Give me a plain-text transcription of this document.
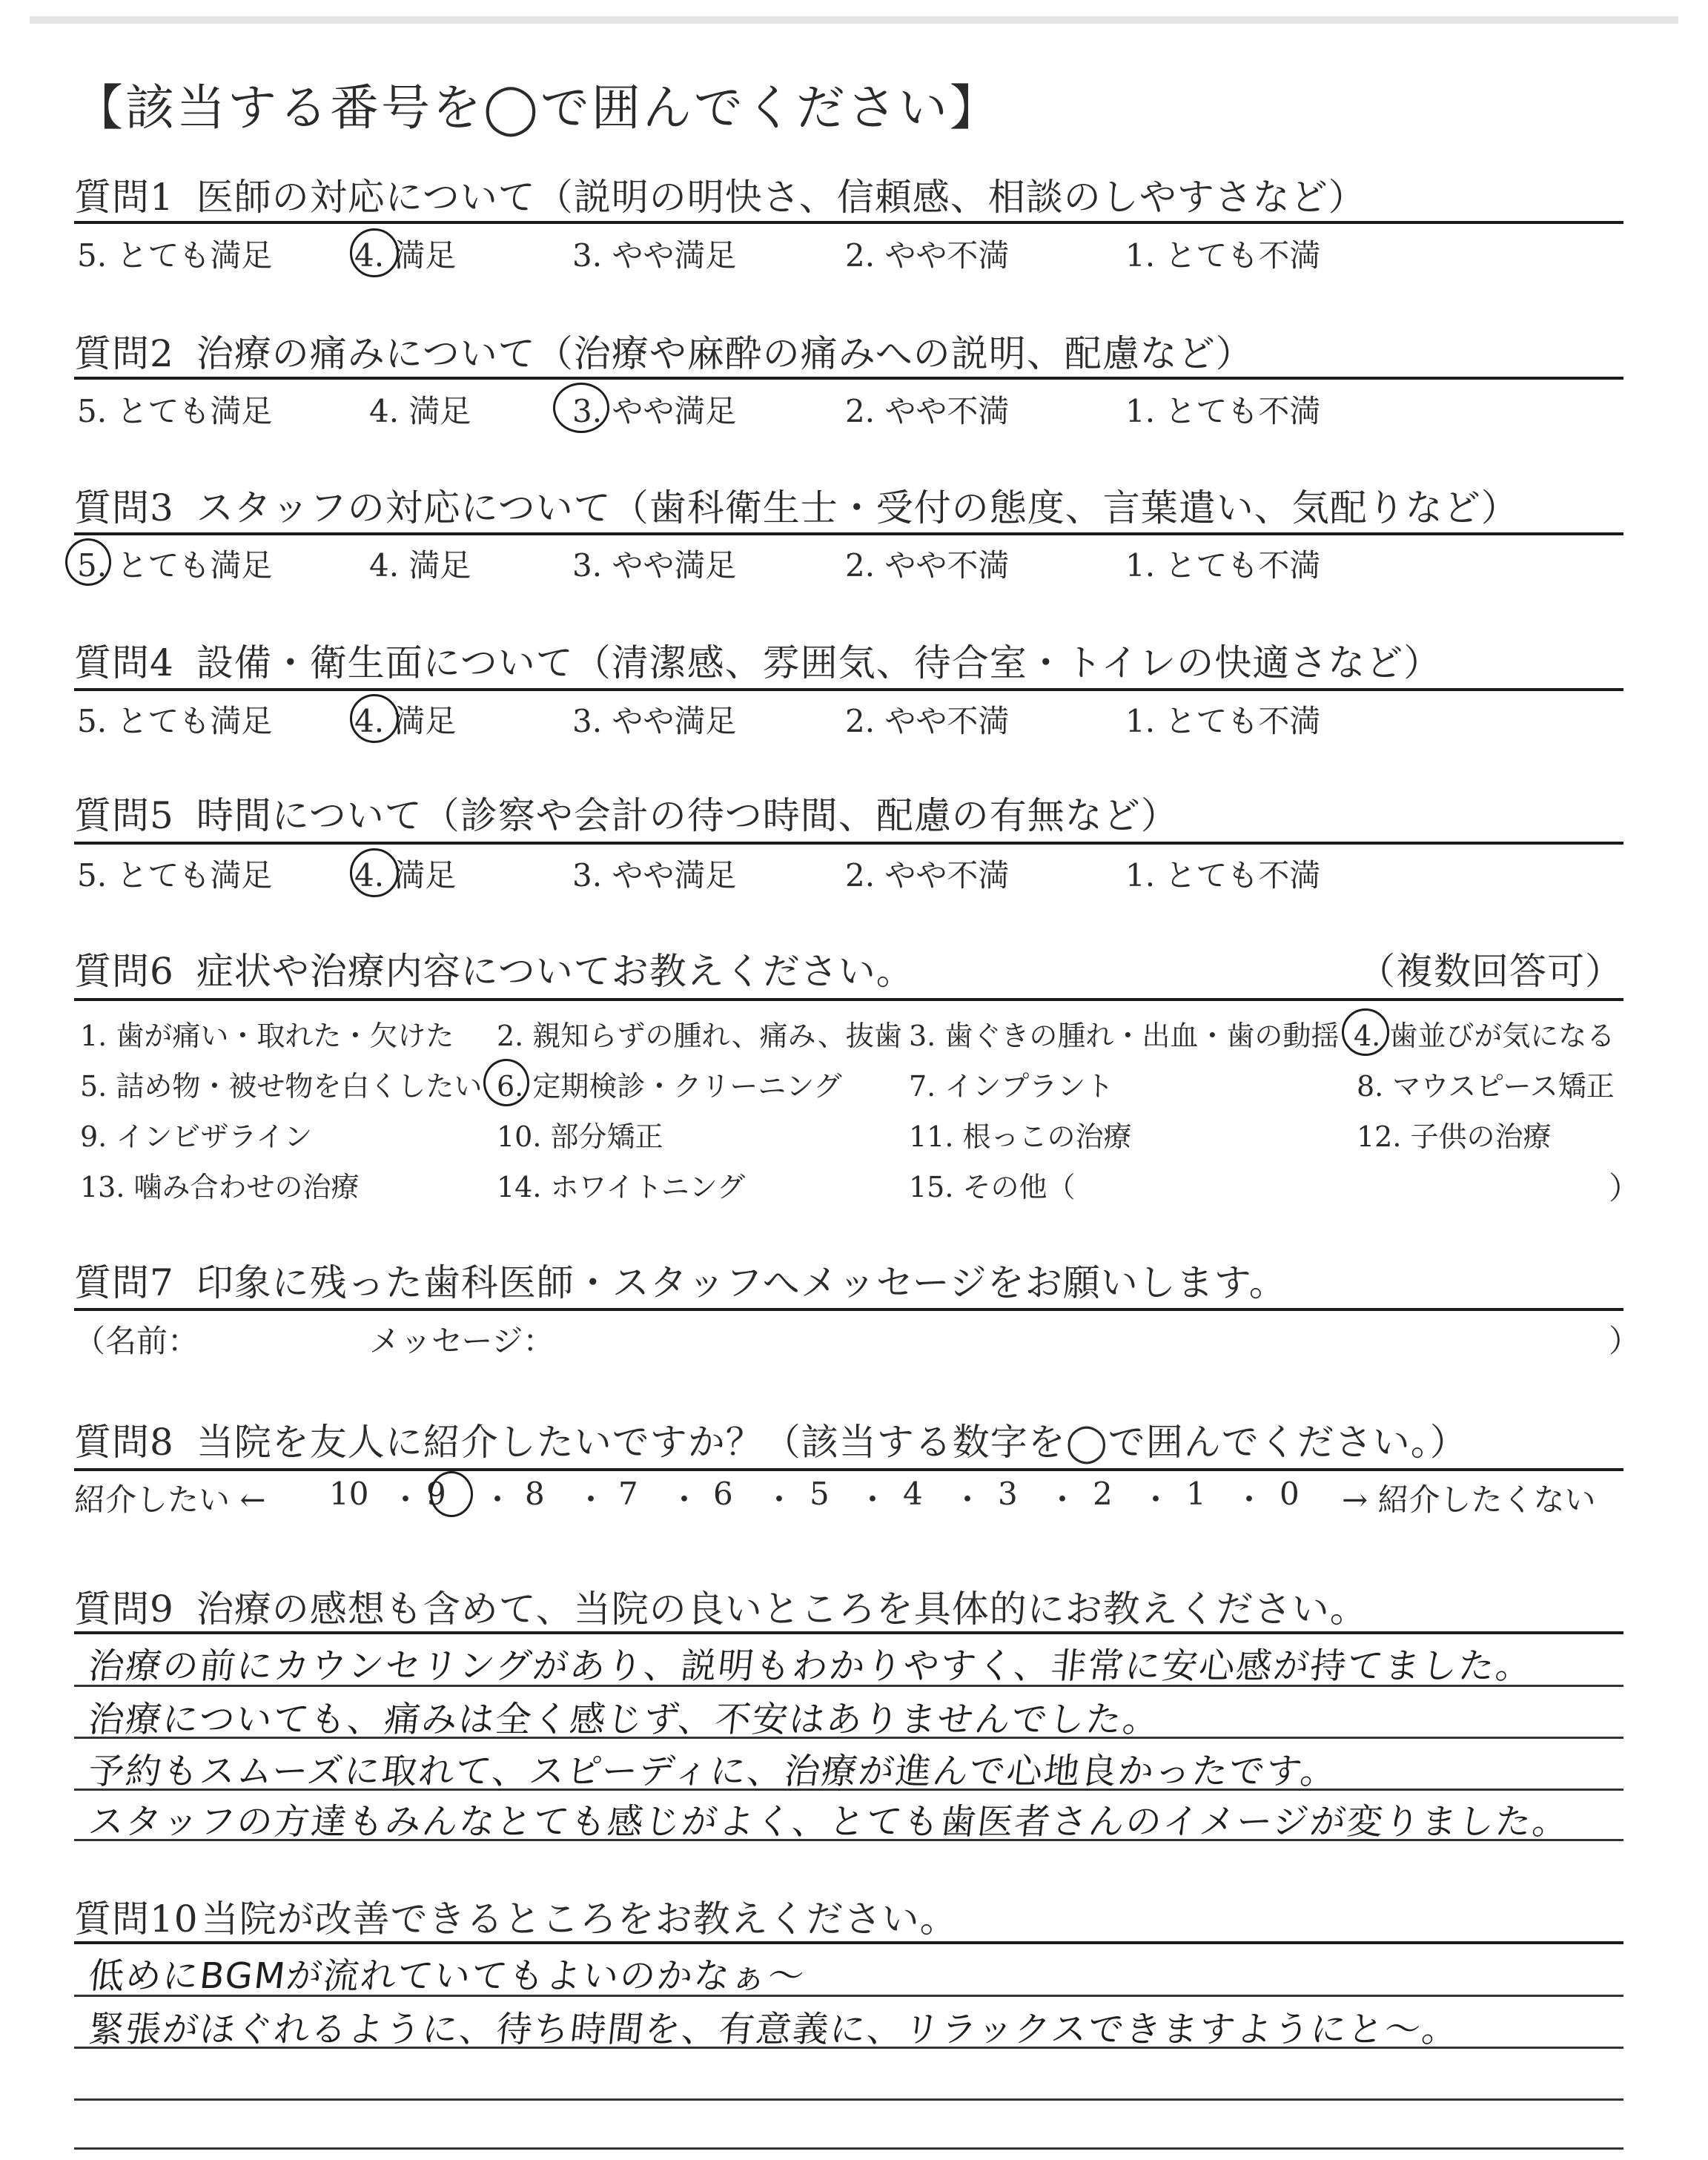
【該当する番号を◯で囲んでください】
質問1 医師の対応について（説明の明快さ、信頼感、相談のしやすさなど）
5. とても満足	4. 満足	3. やや満足	2. やや不満	1. とても不満
質問2 治療の痛みについて（治療や麻酔の痛みへの説明、配慮など）
5. とても満足	4. 満足	3. やや満足	2. やや不満	1. とても不満
質問3 スタッフの対応について（歯科衛生士・受付の態度、言葉遣い、気配りなど）
5. とても満足	4. 満足	3. やや満足	2. やや不満	1. とても不満
質問4 設備・衛生面について（清潔感、雰囲気、待合室・トイレの快適さなど）
5. とても満足	4. 満足	3. やや満足	2. やや不満	1. とても不満
質問5 時間について（診察や会計の待つ時間、配慮の有無など）
5. とても満足	4. 満足	3. やや満足	2. やや不満	1. とても不満
質問6 症状や治療内容についてお教えください。	（複数回答可）
1. 歯が痛い・取れた・欠けた 2. 親知らずの腫れ、痛み、抜歯 3. 歯ぐきの腫れ・出血・歯の動揺 4. 歯並びが気になる
5. 詰め物・被せ物を白くしたい 6. 定期検診・クリーニング 7. インプラント	8. マウスピース矯正
9. インビザライン	10. 部分矯正	11. 根っこの治療	12. 子供の治療
13. 噛み合わせの治療	14. ホワイトニング	15. その他（	）
質問7 印象に残った歯科医師・スタッフへメッセージをお願いします。
（名前：	メッセージ：	）
質問8 当院を友人に紹介したいですか？（該当する数字を◯で囲んでください。）
紹介したい ← 10 9	8 7 6 5 4 3 2 1 0
・ ・ ・ ・ ・ ・ ・ ・ ・ ・ → 紹介したくない
質問9 治療の感想も含めて、当院の良いところを具体的にお教えください。
治療の前にカウンセリングがあり、説明もわかりやすく、非常に安心感が持てました。
治療についても、痛みは全く感じず、不安はありませんでした。
予約もスムーズに取れて、スピーディに、治療が進んで心地良かったです。
スタッフの方達もみんなとても感じがよく、とても歯医者さんのイメージが変りました。
質問10当院が改善できるところをお教えください。
低めにBGMが流れていてもよいのかなぁ〜
緊張がほぐれるように、待ち時間を、有意義に、リラックスできますようにと〜。
